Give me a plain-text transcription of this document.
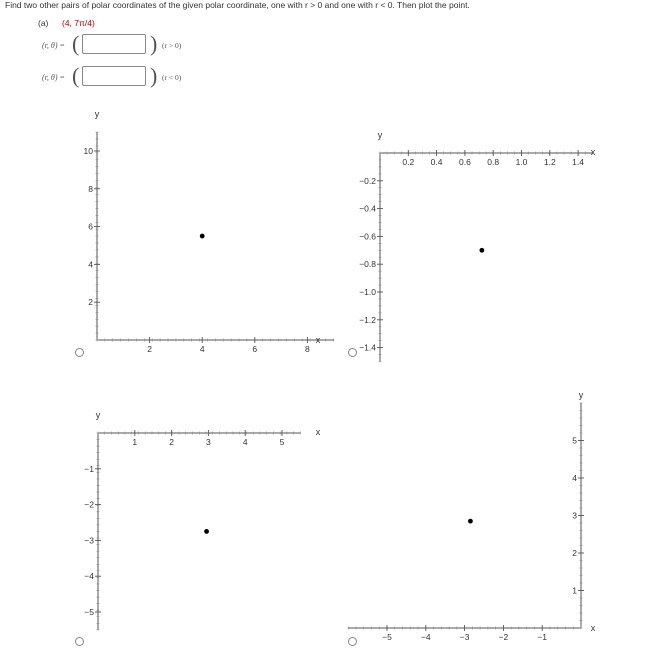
Find two other pairs of polar coordinates of the given polar coordinate, one with r > 0 and one with r < 0. Then plot the point.
(a) (4, 7π/4)
(r, θ) = (	) (r > 0)
(r, θ) = (	) (r < 0)
2	4	6	8
2
4
6
8
10
x
y
0.2 0.4 0.6 0.8 1.0 1.2 1.4
−0.2
−0.4
−0.6
−0.8
−1.0
−1.2
−1.4
x
y
1	2	3	4	5
−1
−2
−3
−4
−5
x
y
−5	−4	−3	−2	−1
1
2
3
4
5
x
y
